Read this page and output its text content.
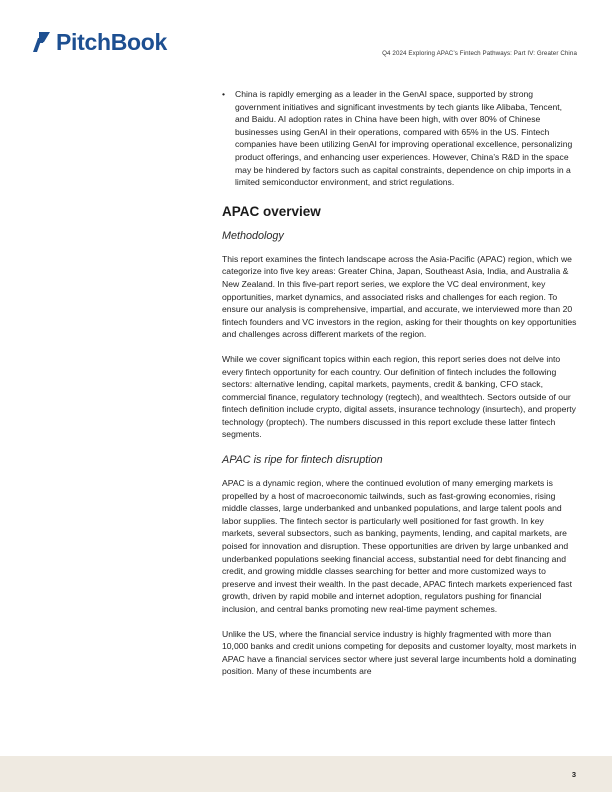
PitchBook	Q4 2024 Exploring APAC’s Fintech Pathways: Part IV: Greater China
•	China is rapidly emerging as a leader in the GenAI space, supported by strong government initiatives and significant investments by tech giants like Alibaba, Tencent, and Baidu. AI adoption rates in China have been high, with over 80% of Chinese businesses using GenAI in their operations, compared with 65% in the US. Fintech companies have been utilizing GenAI for improving operational excellence, personalizing product offerings, and enhancing user experiences. However, China’s R&D in the space may be hindered by factors such as capital constraints, dependence on chip imports in a limited semiconductor environment, and strict regulations.
APAC overview
Methodology

This report examines the fintech landscape across the Asia-Pacific (APAC) region, which we categorize into five key areas: Greater China, Japan, Southeast Asia, India, and Australia & New Zealand. In this five-part report series, we explore the VC deal environment, key opportunities, market dynamics, and associated risks and challenges for each region. To ensure our analysis is comprehensive, impartial, and accurate, we interviewed more than 20 fintech founders and VC investors in the region, asking for their thoughts on key opportunities and challenges across different markets of the region.

While we cover significant topics within each region, this report series does not delve into every fintech opportunity for each country. Our definition of fintech includes the following sectors: alternative lending, capital markets, payments, credit & banking, CFO stack, commercial finance, regulatory technology (regtech), and wealthtech. Sectors outside of our fintech definition include crypto, digital assets, insurance technology (insurtech), and property technology (proptech). The numbers discussed in this report exclude these latter fintech segments.

APAC is ripe for fintech disruption

APAC is a dynamic region, where the continued evolution of many emerging markets is propelled by a host of macroeconomic tailwinds, such as fast-growing economies, rising middle classes, large underbanked and unbanked populations, and large talent pools and labor supplies. The fintech sector is particularly well positioned for fast growth. In key markets, several subsectors, such as banking, payments, lending, and capital markets, are poised for innovation and disruption. These opportunities are driven by large unbanked and underbanked populations seeking financial access, substantial need for debt financing and credit, and growing middle classes searching for better and more customized ways to preserve and invest their wealth. In the past decade, APAC fintech markets experienced fast growth, driven by rapid mobile and internet adoption, regulators pushing for financial inclusion, and central banks promoting new real-time payment schemes.

Unlike the US, where the financial service industry is highly fragmented with more than 10,000 banks and credit unions competing for deposits and customer loyalty, most markets in APAC have a financial services sector where just several large incumbents hold a dominating position. Many of these incumbents are

3
